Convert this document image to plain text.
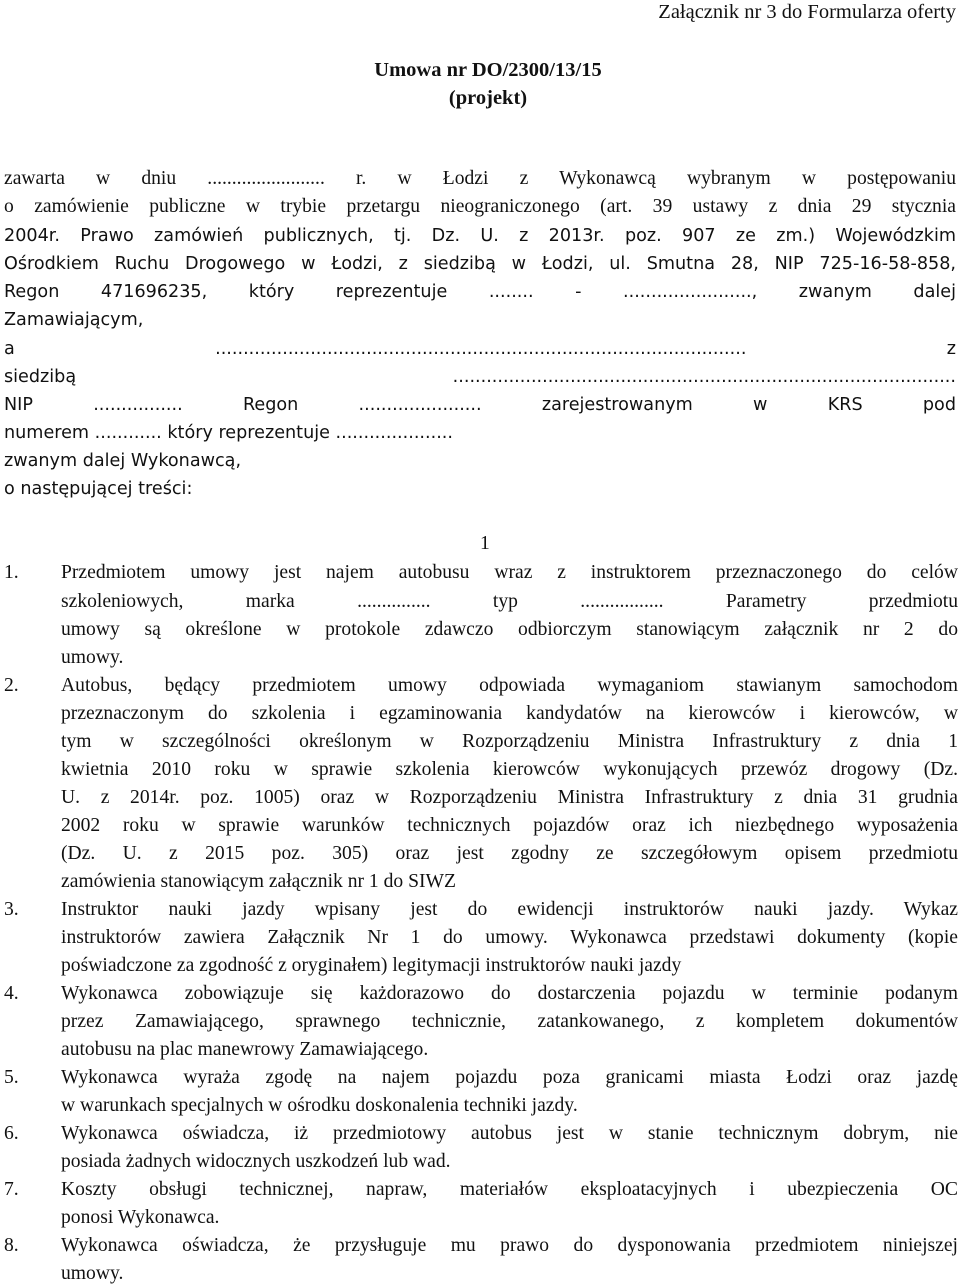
Załącznik nr 3 do Formularza oferty
Umowa nr DO/2300/13/15
(projekt)
zawarta w dniu ........................ r. w Łodzi z Wykonawcą wybranym w postępowaniu
o zamówienie publiczne w trybie przetargu nieograniczonego (art. 39 ustawy z dnia 29 stycznia
2004r. Prawo zamówień publicznych, tj. Dz. U. z 2013r. poz. 907 ze zm.) Wojewódzkim
Ośrodkiem Ruchu Drogowego w Łodzi, z siedzibą w Łodzi, ul. Smutna 28, NIP 725-16-58-858,
Regon 471696235, który reprezentuje ........ - ......................., zwanym dalej
Zamawiającym,
a ............................................................................................... z
siedzibą ..........................................................................................
NIP ................ Regon ...................... zarejestrowanym w KRS pod
numerem ............ który reprezentuje .....................
zwanym dalej Wykonawcą,
o następującej treści:
1
1. Przedmiotem umowy jest najem autobusu wraz z instruktorem przeznaczonego do celów
szkoleniowych, marka ............... typ ................. Parametry przedmiotu
umowy są określone w protokole zdawczo odbiorczym stanowiącym załącznik nr 2 do
umowy.
2. Autobus, będący przedmiotem umowy odpowiada wymaganiom stawianym samochodom
przeznaczonym do szkolenia i egzaminowania kandydatów na kierowców i kierowców, w
tym w szczególności określonym w Rozporządzeniu Ministra Infrastruktury z dnia 1
kwietnia 2010 roku w sprawie szkolenia kierowców wykonujących przewóz drogowy (Dz.
U. z 2014r. poz. 1005) oraz w Rozporządzeniu Ministra Infrastruktury z dnia 31 grudnia
2002 roku w sprawie warunków technicznych pojazdów oraz ich niezbędnego wyposażenia
(Dz. U. z 2015 poz. 305) oraz jest zgodny ze szczegółowym opisem przedmiotu
zamówienia stanowiącym załącznik nr 1 do SIWZ
3. Instruktor nauki jazdy wpisany jest do ewidencji instruktorów nauki jazdy. Wykaz
instruktorów zawiera Załącznik Nr 1 do umowy. Wykonawca przedstawi dokumenty (kopie
poświadczone za zgodność z oryginałem) legitymacji instruktorów nauki jazdy
4. Wykonawca zobowiązuje się każdorazowo do dostarczenia pojazdu w terminie podanym
przez Zamawiającego, sprawnego technicznie, zatankowanego, z kompletem dokumentów
autobusu na plac manewrowy Zamawiającego.
5. Wykonawca wyraża zgodę na najem pojazdu poza granicami miasta Łodzi oraz jazdę
w warunkach specjalnych w ośrodku doskonalenia techniki jazdy.
6. Wykonawca oświadcza, iż przedmiotowy autobus jest w stanie technicznym dobrym, nie
posiada żadnych widocznych uszkodzeń lub wad.
7. Koszty obsługi technicznej, napraw, materiałów eksploatacyjnych i ubezpieczenia OC
ponosi Wykonawca.
8. Wykonawca oświadcza, że przysługuje mu prawo do dysponowania przedmiotem niniejszej
umowy.
